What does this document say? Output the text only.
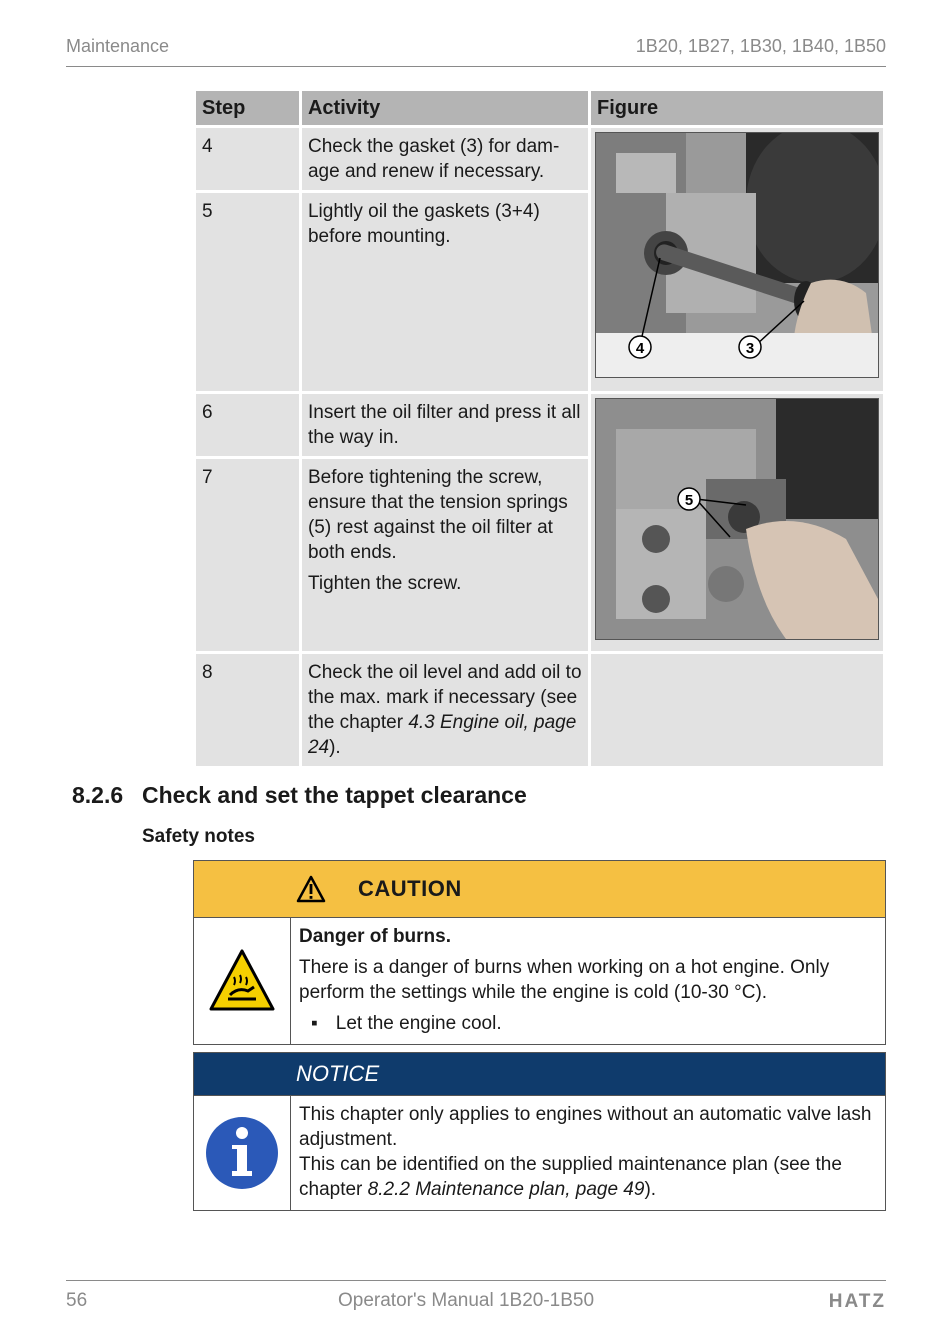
Maintenance	1B20, 1B27, 1B30, 1B40, 1B50
Step	Activity	Figure
4	Check the gasket (3) for dam-age and renew if necessary.	4 3

5	Lightly oil the gaskets (3+4) before mounting.	
6	Insert the oil filter and press it all the way in.	5

7	Before tightening the screw, ensure that the tension springs (5) rest against the oil filter at both ends.
Tighten the screw.	

8	Check the oil level and add oil to the max. mark if necessary (see the chapter 4.3 Engine oil, page 24).	
8.2.6 Check and set the tappet clearance
Safety notes
CAUTION
Danger of burns.
There is a danger of burns when working on a hot engine. Only perform the settings while the engine is cold (10-30 °C).
▪ Let the engine cool.
NOTICE
This chapter only applies to engines without an automatic valve lash adjustment.
This can be identified on the supplied maintenance plan (see the chapter 8.2.2 Maintenance plan, page 49).
56	Operator's Manual 1B20-1B50	HATZ
